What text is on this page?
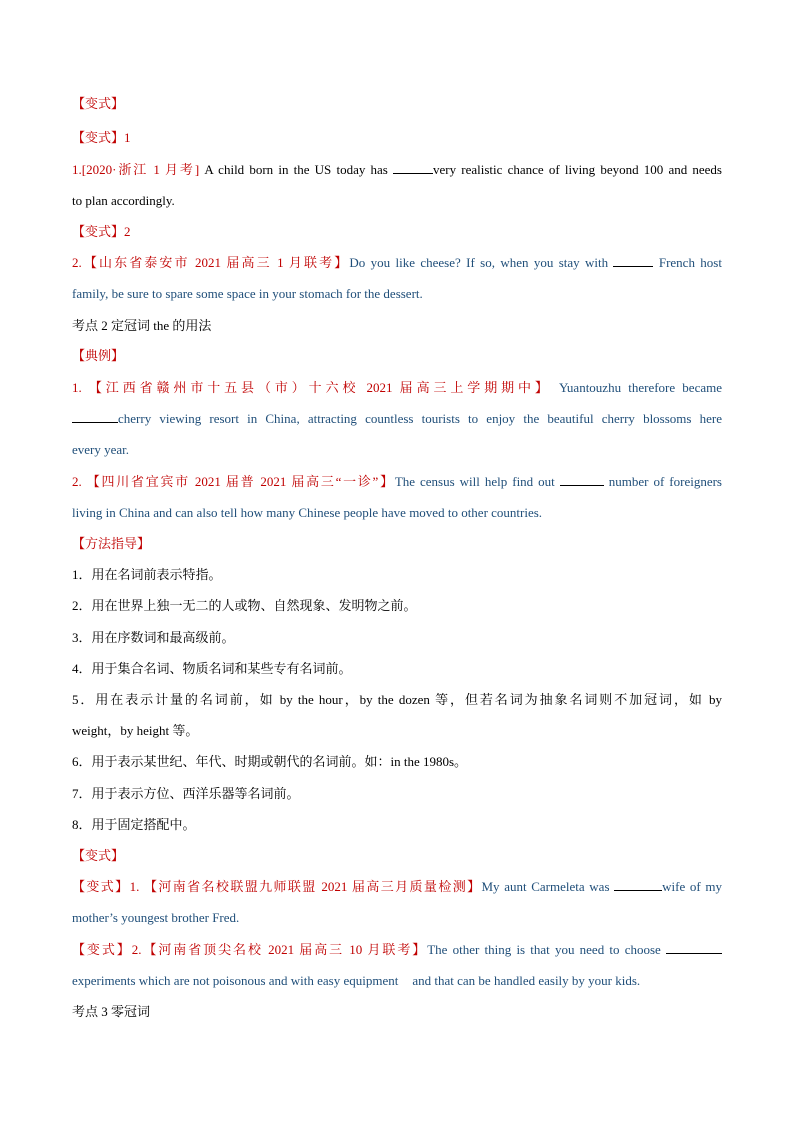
【变式】
【变式】1
1.[2020·浙江 1 月考] A child born in the US today has	very realistic chance of living beyond 100 and needs
to plan accordingly.
【变式】2
2.【山东省泰安市 2021 届高三 1 月联考】Do you like cheese? If so, when you stay with	French host
family, be sure to spare some space in your stomach for the dessert.
考点 2 定冠词 the 的用法
【典例】
1. 【江西省赣州市十五县（市）十六校 2021 届高三上学期期中】 Yuantouzhu therefore became
cherry viewing resort in China, attracting countless tourists to enjoy the beautiful cherry blossoms here
every year.
2. 【四川省宜宾市 2021 届普 2021 届高三“一诊”】The census will help find out	number of foreigners
living in China and can also tell how many Chinese people have moved to other countries.
【方法指导】
1．用在名词前表示特指。
2．用在世界上独一无二的人或物、自然现象、发明物之前。
3．用在序数词和最高级前。
4．用于集合名词、物质名词和某些专有名词前。
5．用在表示计量的名词前，如 by the hour，by the dozen 等，但若名词为抽象名词则不加冠词，如 by
weight，by height 等。
6．用于表示某世纪、年代、时期或朝代的名词前。如：in the 1980s。
7．用于表示方位、西洋乐器等名词前。
8．用于固定搭配中。
【变式】
【变式】1. 【河南省名校联盟九师联盟 2021 届高三月质量检测】My aunt Carmeleta was	wife of my
mother’s youngest brother Fred.
【变式】2.【河南省顶尖名校 2021 届高三 10 月联考】The other thing is that you need to choose
experiments which are not poisonous and with easy equipment and that can be handled easily by your kids.
考点 3 零冠词
